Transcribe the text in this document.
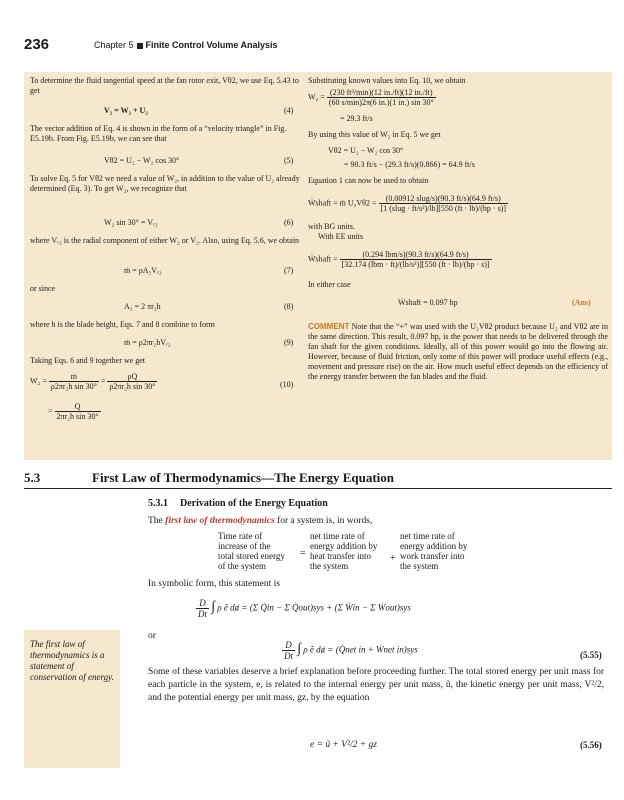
236	Chapter 5 Finite Control Volume Analysis

To determine the fluid tangential speed at the fan rotor exit, Vθ2, we use Eq. 5.43 to get

V₂ = W₂ + U₂	(4)

The vector addition of Eq. 4 is shown in the form of a “velocity triangle” in Fig. E5.19b. From Fig. E5.19b, we can see that

Vθ2 = U₂ − W₂ cos 30°	(5)

To solve Eq. 5 for Vθ2 we need a value of W₂, in addition to the value of U₂ already determined (Eq. 3). To get W₂, we recognize that

W₂ sin 30° = Vᵣ₂	(6)

where Vᵣ₂ is the radial component of either W₂ or V₂. Also, using Eq. 5.6, we obtain

ṁ = ρA₂Vᵣ₂	(7)
or since
A₂ = 2 πr₂h	(8)
where h is the blade height, Eqs. 7 and 8 combine to form
ṁ = ρ2πr₂hVᵣ₂	(9)
Taking Eqs. 6 and 9 together we get
$W_2 = \frac{\text{ṁ}}{\text{ρ2πr₂h sin 30°}} = \frac{\rho Q}{\text{ρ2πr₂h sin 30°}}$	(10)
= $\frac{Q}{\text{2πr₂h sin 30°}}$
Substituting known values into Eq. 10, we obtain
$W_2 = \frac{\text{(230 ft³/min)(12 in./ft)(12 in./ft)}}{(60 s/\min)2\pi(6 in.)(1 in.) \sin 30^\circ}$
= 29.3 ft/s
By using this value of W₂ in Eq. 5 we get
Vθ2 = U₂ − W₂ cos 30°
= 90.3 ft/s − (29.3 ft/s)(0.866) = 64.9 ft/s
Equation 1 can now be used to obtain
Ẇshaft = ṁ $U_2V\theta 2 = \frac{\text{(0.00912 slug/s)(90.3 ft/s)(64.9 ft/s)}}{\text{[1 (slug · ft/s²)/lb][550 (ft · lb)/(hp · s)]}}$
with BG units.
With EE units
Ẇshaft = $\frac{\text{(0.294 lbm/s)(90.3 ft/s)(64.9 ft/s)}}{\text{[32.174 (lbm · ft)/(lb/s²)][550 (ft · lb)/(hp · s)]}}$
In either case
Ẇshaft = 0.097 hp	(Ans)
COMMENT Note that the “+” was used with the U₂Vθ2 product because U₂ and Vθ2 are in the same direction. This result, 0.097 hp, is the power that needs to be delivered through the fan shaft for the given conditions. Ideally, all of this power would go into the flowing air. However, because of fluid friction, only some of this power will produce useful effects (e.g., movement and pressure rise) on the air. How much useful effect depends on the efficiency of the energy transfer between the fan blades and the fluid.
5.3	First Law of Thermodynamics—The Energy Equation
5.3.1 Derivation of the Energy Equation
The first law of thermodynamics for a system is, in words,
Time rate of
increase of the
total stored energy
of the system
=
net time rate of
energy addition by
heat transfer into
the system
+
net time rate of
energy addition by
work transfer into
the system
In symbolic form, this statement is
$\frac{D}{Dt}$ ∫ ρ ẽ dⱥ = (Σ Q̇in − Σ Q̇out)sys + (Σ Ẇin − Σ Ẇout)sys
or
$\frac{D}{Dt}$ ∫ ρ ẽ dⱥ = (Q̇net in + Ẇnet in)sys
(5.55)
The first law of thermodynamics is a statement of conservation of energy.	Some of these variables deserve a brief explanation before proceeding further. The total stored energy per unit mass for each particle in the system, e, is related to the internal energy per unit mass, ũ, the kinetic energy per unit mass, V²/2, and the potential energy per unit mass, gz, by the equation
e = ũ + V²/2 + gz	(5.56)
